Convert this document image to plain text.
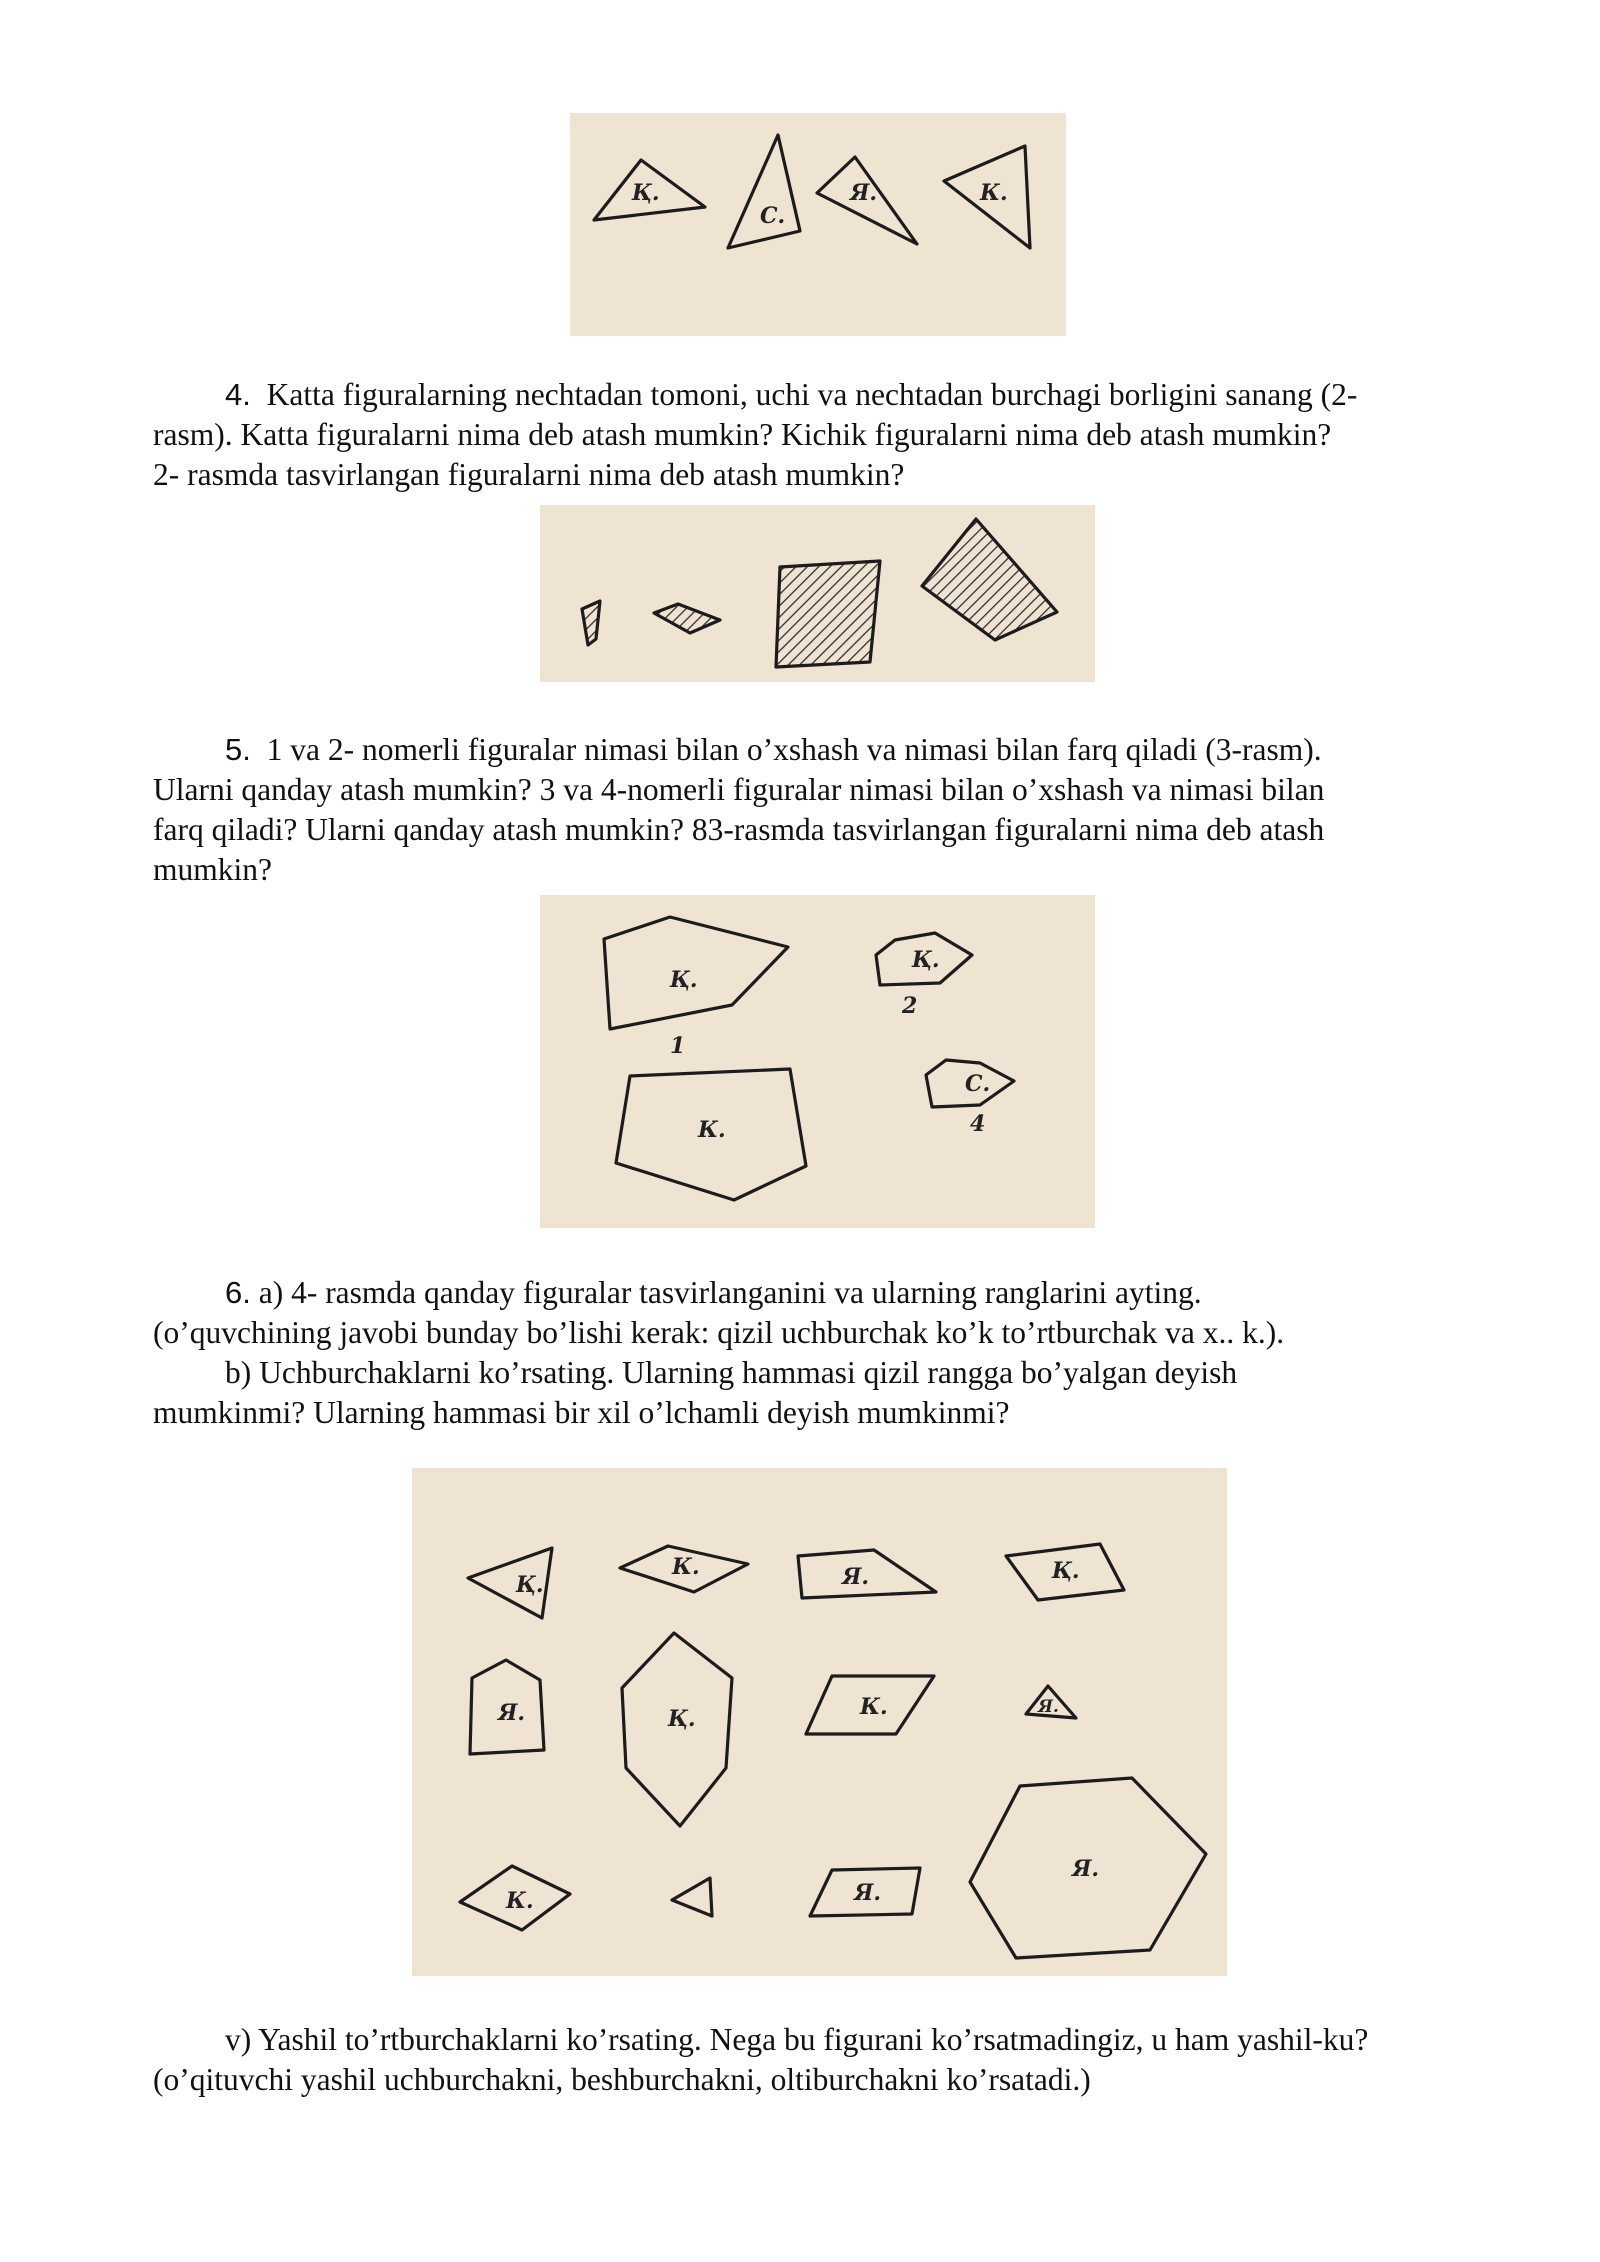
Қ.
С.
Я.	К.
4. Katta figuralarning nechtadan tomoni, uchi va nechtadan burchagi borligini sanang (2-
rasm). Katta figuralarni nima deb atash mumkin? Kichik figuralarni nima deb atash mumkin?
2- rasmda tasvirlangan figuralarni nima deb atash mumkin?
5. 1 va 2- nomerli figuralar nimasi bilan o’xshash va nimasi bilan farq qiladi (3-rasm).
Ularni qanday atash mumkin? 3 va 4-nomerli figuralar nimasi bilan o’xshash va nimasi bilan
farq qiladi? Ularni qanday atash mumkin? 83-rasmda tasvirlangan figuralarni nima deb atash
mumkin?
Қ.
1
Қ.
2
К.
С.
4
6. a) 4- rasmda qanday figuralar tasvirlanganini va ularning ranglarini ayting.
(o’quvchining javobi bunday bo’lishi kerak: qizil uchburchak ko’k to’rtburchak va x.. k.).
b) Uchburchaklarni ko’rsating. Ularning hammasi qizil rangga bo’yalgan deyish
mumkinmi? Ularning hammasi bir xil o’lchamli deyish mumkinmi?
Қ.
К.	Я.	Қ.
Я.	Қ.	К.	Я.
К.	Я.
Я.
v) Yashil to’rtburchaklarni ko’rsating. Nega bu figurani ko’rsatmadingiz, u ham yashil-ku?
(o’qituvchi yashil uchburchakni, beshburchakni, oltiburchakni ko’rsatadi.)
